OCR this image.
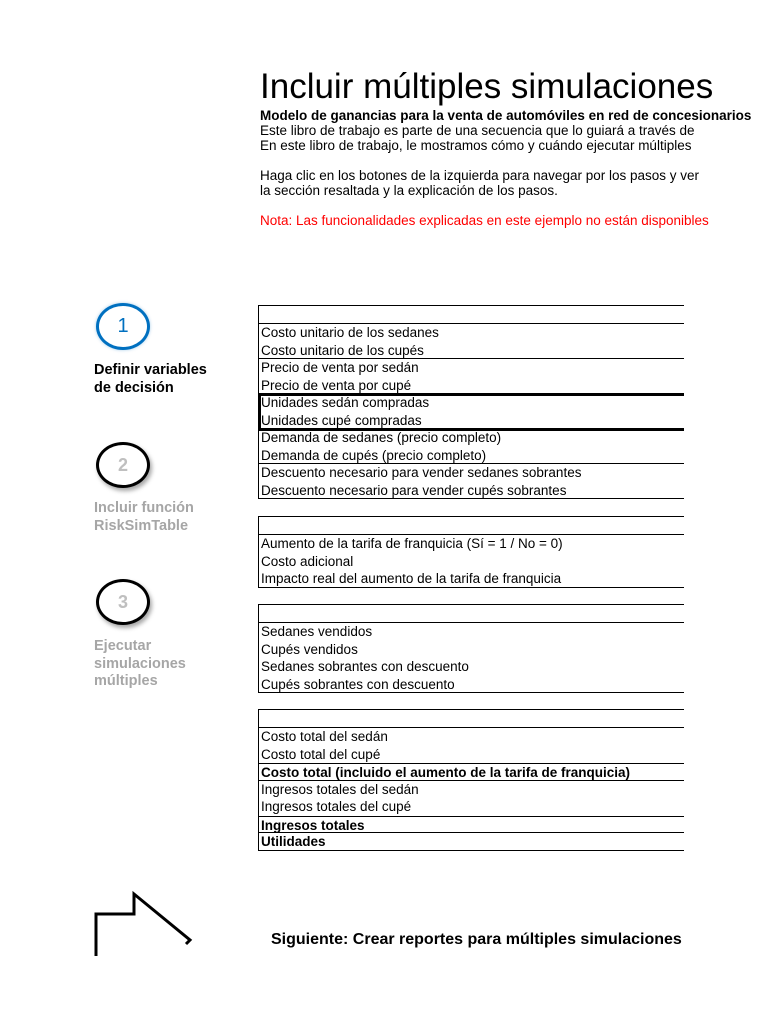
Incluir múltiples simulaciones
Modelo de ganancias para la venta de automóviles en red de concesionarios
Este libro de trabajo es parte de una secuencia que lo guiará a través de
En este libro de trabajo, le mostramos cómo y cuándo ejecutar múltiples
Haga clic en los botones de la izquierda para navegar por los pasos y ver
la sección resaltada y la explicación de los pasos.
Nota: Las funcionalidades explicadas en este ejemplo no están disponibles
1
Definir variables
de decisión
2
Incluir función
RiskSimTable
3
Ejecutar
simulaciones
múltiples
Costo unitario de los sedanes
Costo unitario de los cupés
Precio de venta por sedán
Precio de venta por cupé
Unidades sedán compradas
Unidades cupé compradas
Demanda de sedanes (precio completo)
Demanda de cupés (precio completo)
Descuento necesario para vender sedanes sobrantes
Descuento necesario para vender cupés sobrantes
Aumento de la tarifa de franquicia (Sí = 1 / No = 0)
Costo adicional
Impacto real del aumento de la tarifa de franquicia
Sedanes vendidos
Cupés vendidos
Sedanes sobrantes con descuento
Cupés sobrantes con descuento
Costo total del sedán
Costo total del cupé
Costo total (incluido el aumento de la tarifa de franquicia)
Ingresos totales del sedán
Ingresos totales del cupé
Ingresos totales
Utilidades
Siguiente: Crear reportes para múltiples simulaciones
